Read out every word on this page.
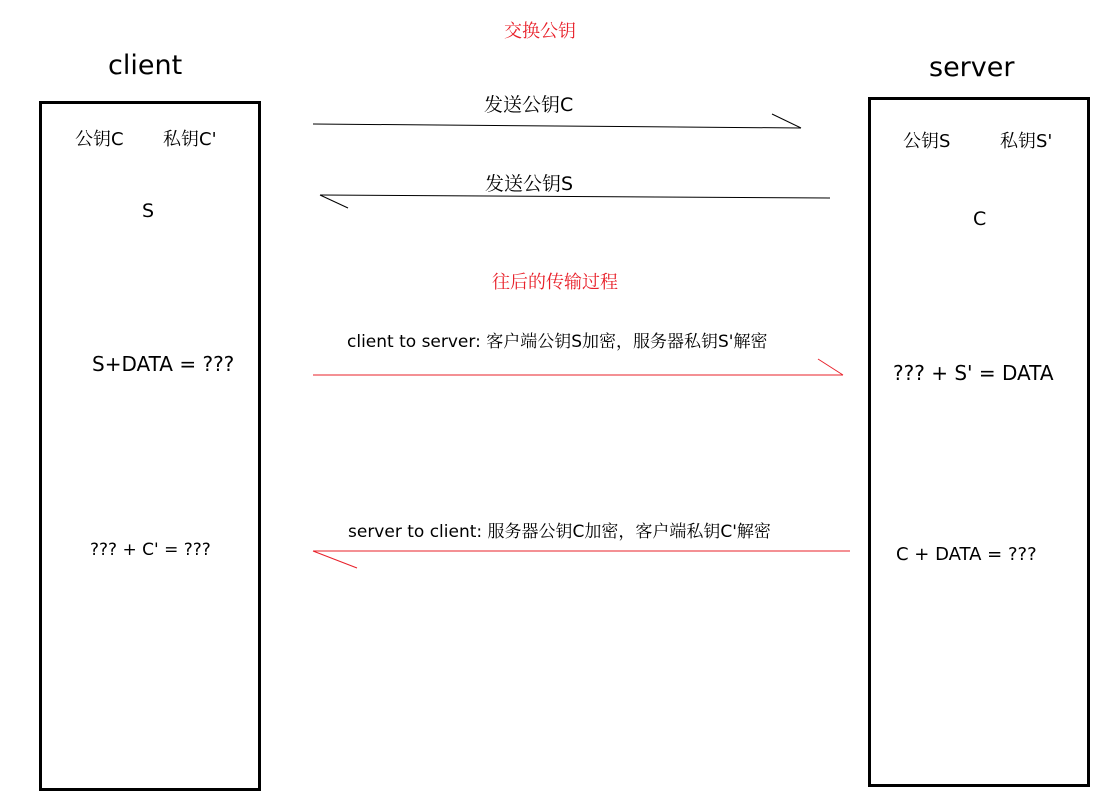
交换公钥
往后的传输过程
client
公钥C 私钥C'
S
S+DATA = ???
??? + C' = ???
server
公钥S	私钥S'
C
??? + S' = DATA
C + DATA = ???
发送公钥C
发送公钥S
client to server: 客户端公钥S加密，服务器私钥S'解密
server to client: 服务器公钥C加密，客户端私钥C'解密
